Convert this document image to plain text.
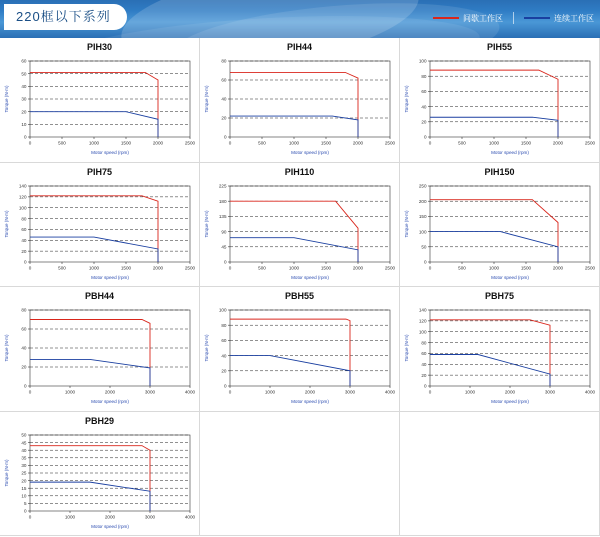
220框以下系列	间歇工作区	连续工作区
PIH30
0
10
20
30
40
50
60
0	500	1000	1500	2000	2500
Motor speed (rpm)
Torque (N·m)
PIH44
0
20
40
60
80
0	500	1000	1500	2000	2500
Motor speed (rpm)
Torque (N·m)
PIH55
0
20
40
60
80
100
0	500	1000	1500	2000	2500
Motor speed (rpm)
Torque (N·m)
PIH75
0
20
40
60
80
100
120
140
0	500	1000	1500	2000	2500
Motor speed (rpm)
Torque (N·m)
PIH110
0
45
90
135
180
225
0	500	1000	1500	2000	2500
Motor speed (rpm)
Torque (N·m)
PIH150
0
50
100
150
200
250
0	500	1000	1500	2000	2500
Motor speed (rpm)
Torque (N·m)
PBH44
0
20
40
60
80
0	1000	2000	3000	4000
Motor speed (rpm)
Torque (N·m)
PBH55
0
20
40
60
80
100
0	1000	2000	3000	4000
Motor speed (rpm)
Torque (N·m)
PBH75
0
20
40
60
80
100
120
140
0	1000	2000	3000	4000
Motor speed (rpm)
Torque (N·m)
PBH29
0
5
10
15
20
25
30
35
40
45
50
0	1000	2000	3000	4000
Motor speed (rpm)
Torque (N·m)
